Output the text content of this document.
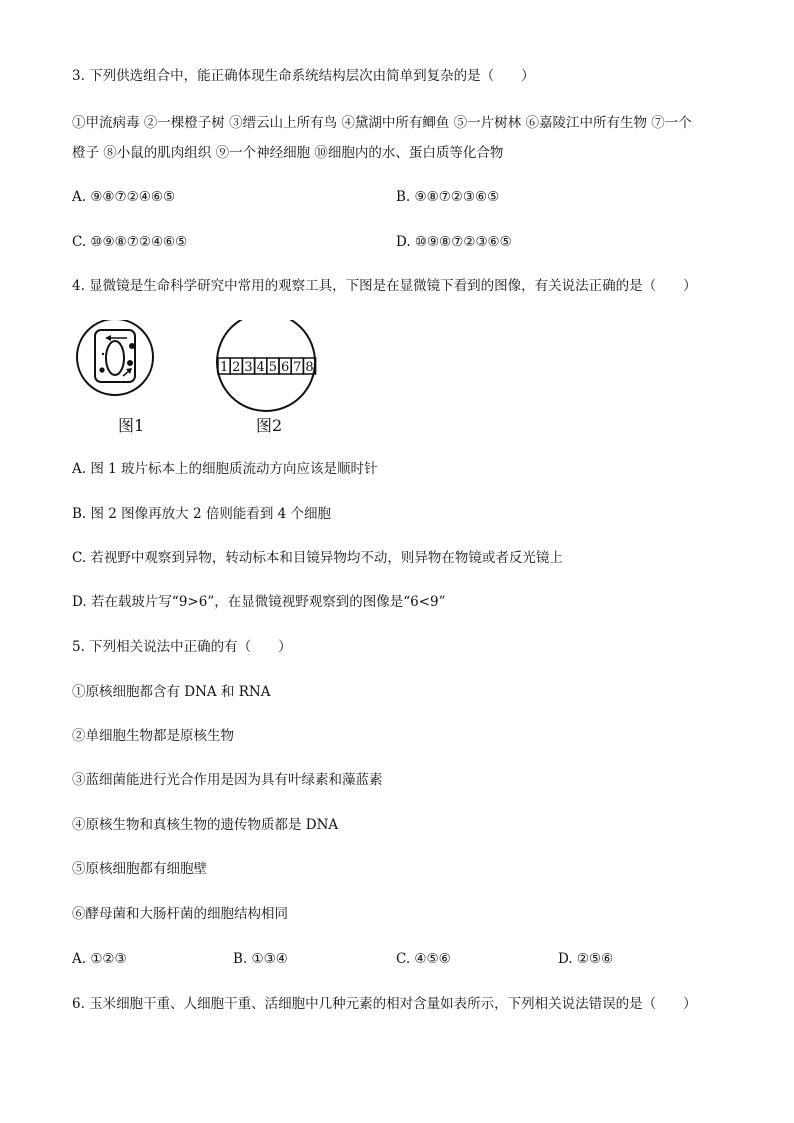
3. 下列供选组合中，能正确体现生命系统结构层次由简单到复杂的是（　　）
①甲流病毒 ②一棵橙子树 ③缙云山上所有鸟 ④黛湖中所有鲫鱼 ⑤一片树林 ⑥嘉陵江中所有生物 ⑦一个
橙子 ⑧小鼠的肌肉组织 ⑨一个神经细胞 ⑩细胞内的水、蛋白质等化合物
A. ⑨⑧⑦②④⑥⑤	B. ⑨⑧⑦②③⑥⑤
C. ⑩⑨⑧⑦②④⑥⑤	D. ⑩⑨⑧⑦②③⑥⑤
4. 显微镜是生命科学研究中常用的观察工具，下图是在显微镜下看到的图像，有关说法正确的是（　　）
图1
1 2 3 4 5 6 7 8
图2
A. 图 1 玻片标本上的细胞质流动方向应该是顺时针
B. 图 2 图像再放大 2 倍则能看到 4 个细胞
C. 若视野中观察到异物，转动标本和目镜异物均不动，则异物在物镜或者反光镜上
D. 若在载玻片写“9>6”，在显微镜视野观察到的图像是“6<9”
5. 下列相关说法中正确的有（　　）
①原核细胞都含有 DNA 和 RNA
②单细胞生物都是原核生物
③蓝细菌能进行光合作用是因为具有叶绿素和藻蓝素
④原核生物和真核生物的遗传物质都是 DNA
⑤原核细胞都有细胞壁
⑥酵母菌和大肠杆菌的细胞结构相同
A. ①②③	B. ①③④	C. ④⑤⑥	D. ②⑤⑥
6. 玉米细胞干重、人细胞干重、活细胞中几种元素的相对含量如表所示，下列相关说法错误的是（　　）
